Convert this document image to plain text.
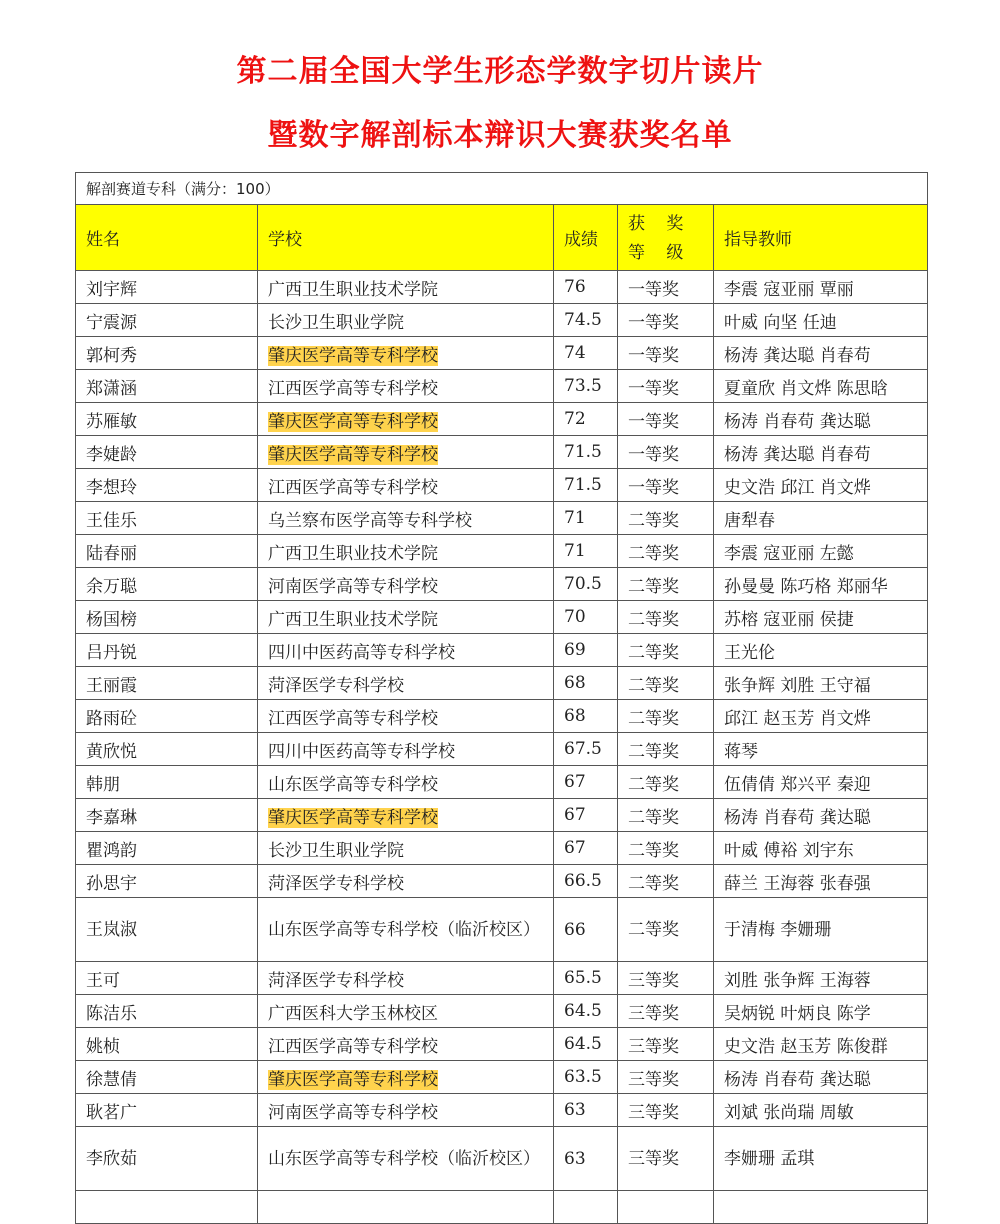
第二届全国大学生形态学数字切片读片
暨数字解剖标本辩识大赛获奖名单
解剖赛道专科（满分：100）				
姓名	学校	成绩	获 奖 等 级	指导教师
刘宇辉	广西卫生职业技术学院	76	一等奖	李震 寇亚丽 覃丽
宁震源	长沙卫生职业学院	74.5	一等奖	叶威 向坚 任迪
郭柯秀	肇庆医学高等专科学校	74	一等奖	杨涛 龚达聪 肖春苟
郑潇涵	江西医学高等专科学校	73.5	一等奖	夏童欣 肖文烨 陈思晗
苏雁敏	肇庆医学高等专科学校	72	一等奖	杨涛 肖春苟 龚达聪
李婕龄	肇庆医学高等专科学校	71.5	一等奖	杨涛 龚达聪 肖春苟
李想玲	江西医学高等专科学校	71.5	一等奖	史文浩 邱江 肖文烨
王佳乐	乌兰察布医学高等专科学校	71	二等奖	唐犁春
陆春丽	广西卫生职业技术学院	71	二等奖	李震 寇亚丽 左懿
余万聪	河南医学高等专科学校	70.5	二等奖	孙曼曼 陈巧格 郑丽华
杨国榜	广西卫生职业技术学院	70	二等奖	苏榕 寇亚丽 侯捷
吕丹锐	四川中医药高等专科学校	69	二等奖	王光伦
王丽霞	菏泽医学专科学校	68	二等奖	张争辉 刘胜 王守福
路雨砼	江西医学高等专科学校	68	二等奖	邱江 赵玉芳 肖文烨
黄欣悦	四川中医药高等专科学校	67.5	二等奖	蒋琴
韩朋	山东医学高等专科学校	67	二等奖	伍倩倩 郑兴平 秦迎
李嘉琳	肇庆医学高等专科学校	67	二等奖	杨涛 肖春苟 龚达聪
瞿鸿韵	长沙卫生职业学院	67	二等奖	叶威 傅裕 刘宇东
孙思宇	菏泽医学专科学校	66.5	二等奖	薛兰 王海蓉 张春强
王岚淑	山东医学高等专科学校（临沂校区）	66	二等奖	于清梅 李姗珊
王可	菏泽医学专科学校	65.5	三等奖	刘胜 张争辉 王海蓉
陈洁乐	广西医科大学玉林校区	64.5	三等奖	吴炳锐 叶炳良 陈学
姚桢	江西医学高等专科学校	64.5	三等奖	史文浩 赵玉芳 陈俊群
徐慧倩	肇庆医学高等专科学校	63.5	三等奖	杨涛 肖春苟 龚达聪
耿茗广	河南医学高等专科学校	63	三等奖	刘斌 张尚瑞 周敏
李欣茹	山东医学高等专科学校（临沂校区）	63	三等奖	李姗珊 孟琪
